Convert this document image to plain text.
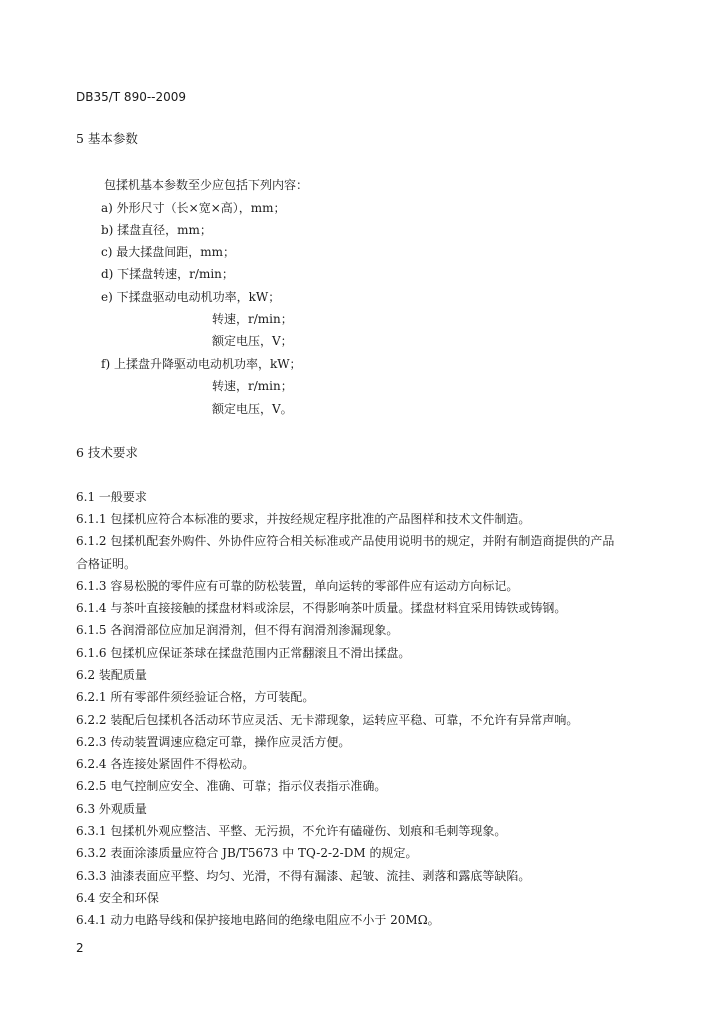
DB35/T 890--2009
5 基本参数
包揉机基本参数至少应包括下列内容：
a) 外形尺寸（长×宽×高），mm；
b) 揉盘直径，mm；
c) 最大揉盘间距，mm；
d) 下揉盘转速，r/min；
e) 下揉盘驱动电动机功率，kW；
转速，r/min；
额定电压，V；
f) 上揉盘升降驱动电动机功率，kW；
转速，r/min；
额定电压，V。
6 技术要求
6.1 一般要求
6.1.1 包揉机应符合本标准的要求，并按经规定程序批准的产品图样和技术文件制造。
6.1.2 包揉机配套外购件、外协件应符合相关标准或产品使用说明书的规定，并附有制造商提供的产品
合格证明。
6.1.3 容易松脱的零件应有可靠的防松装置，单向运转的零部件应有运动方向标记。
6.1.4 与茶叶直接接触的揉盘材料或涂层，不得影响茶叶质量。揉盘材料宜采用铸铁或铸钢。
6.1.5 各润滑部位应加足润滑剂，但不得有润滑剂渗漏现象。
6.1.6 包揉机应保证茶球在揉盘范围内正常翻滚且不滑出揉盘。
6.2 装配质量
6.2.1 所有零部件须经验证合格，方可装配。
6.2.2 装配后包揉机各活动环节应灵活、无卡滞现象，运转应平稳、可靠，不允许有异常声响。
6.2.3 传动装置调速应稳定可靠，操作应灵活方便。
6.2.4 各连接处紧固件不得松动。
6.2.5 电气控制应安全、准确、可靠；指示仪表指示准确。
6.3 外观质量
6.3.1 包揉机外观应整洁、平整、无污损，不允许有磕碰伤、划痕和毛刺等现象。
6.3.2 表面涂漆质量应符合 JB/T5673 中 TQ-2-2-DM 的规定。
6.3.3 油漆表面应平整、均匀、光滑，不得有漏漆、起皱、流挂、剥落和露底等缺陷。
6.4 安全和环保
6.4.1 动力电路导线和保护接地电路间的绝缘电阻应不小于 20MΩ。
2
